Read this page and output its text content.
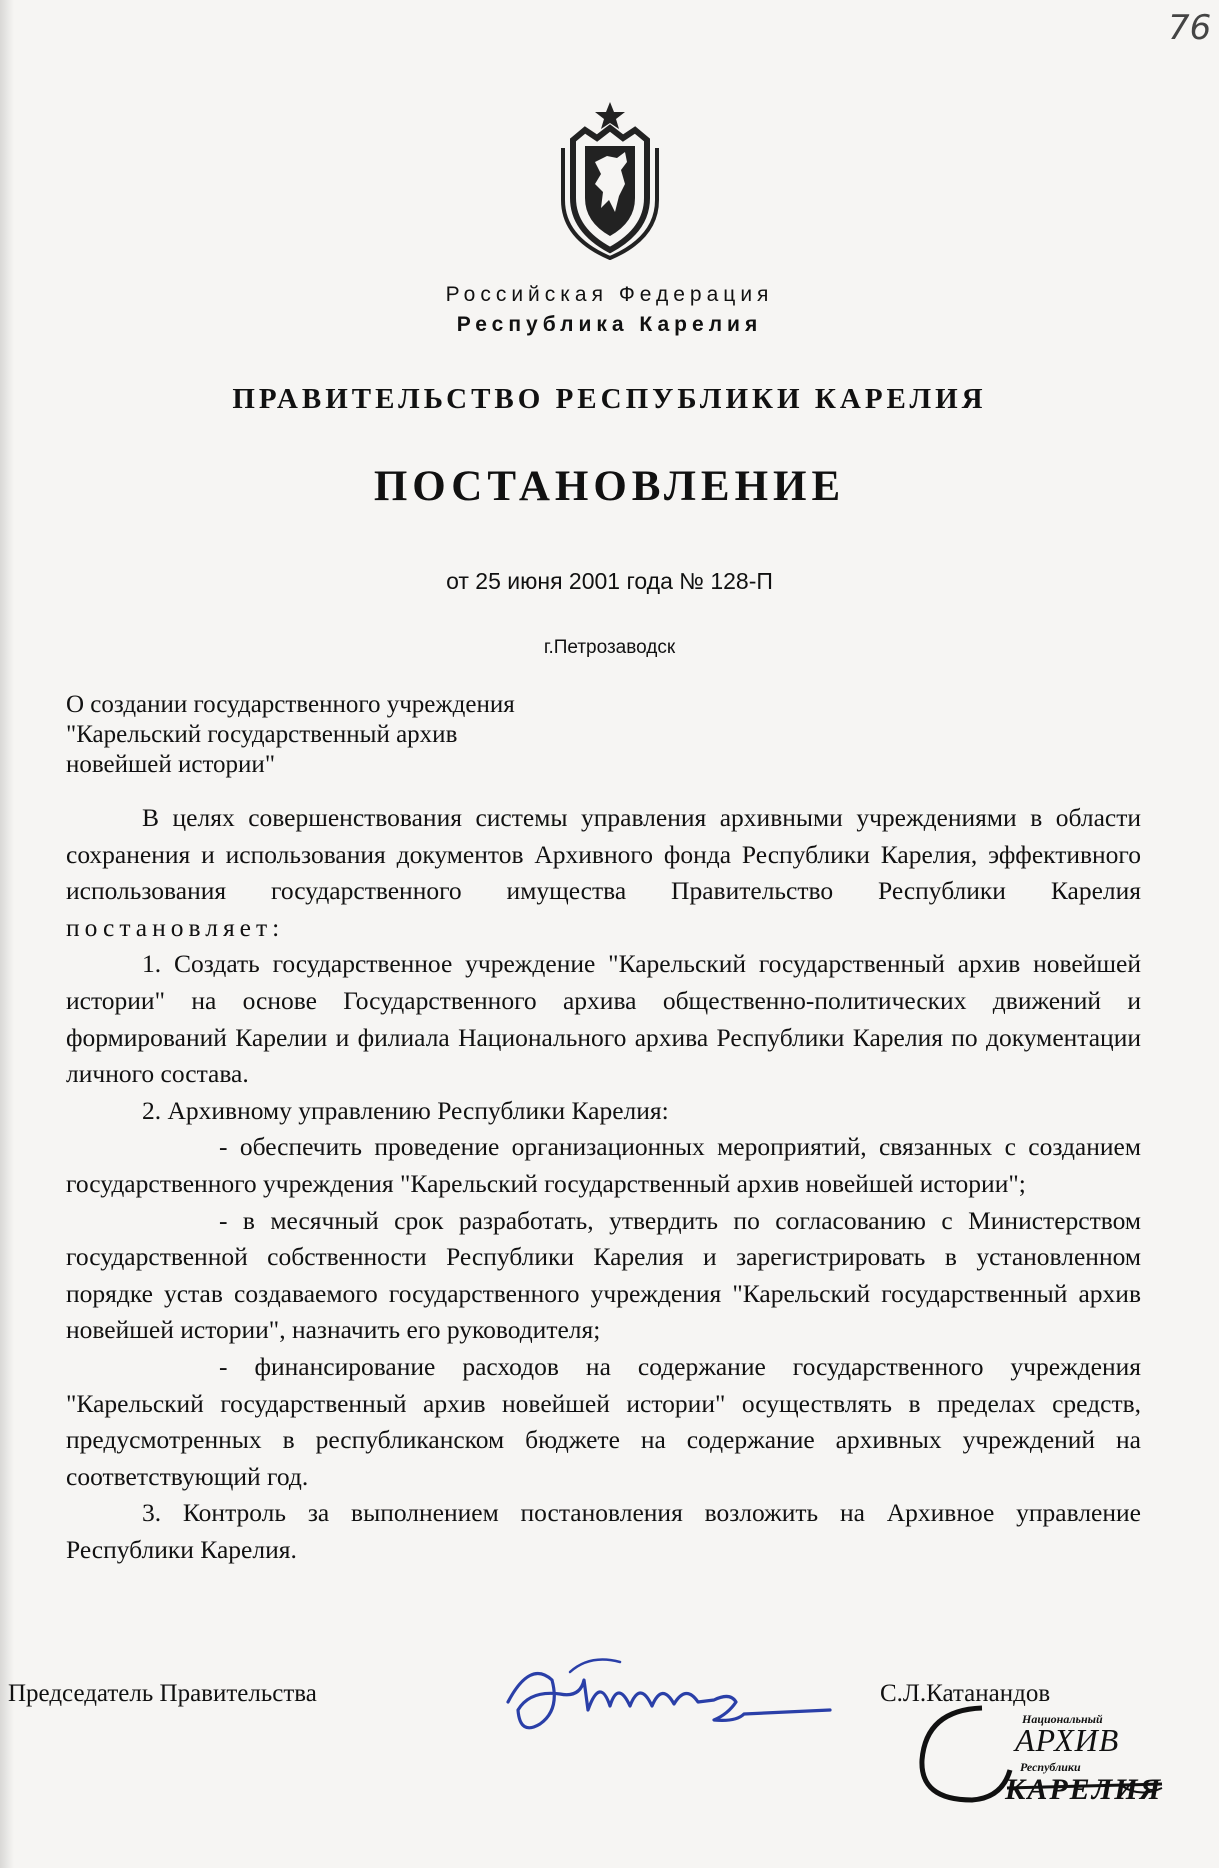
76
Российская Федерация
Республика Карелия
ПРАВИТЕЛЬСТВО РЕСПУБЛИКИ КАРЕЛИЯ
ПОСТАНОВЛЕНИЕ
от 25 июня 2001 года № 128-П
г.Петрозаводск
О создании государственного учреждения
"Карельский государственный архив
новейшей истории"
В целях совершенствования системы управления архивными учреждениями в области сохранения и использования документов Архивного фонда Республики Карелия, эффективного использования государственного имущества Правительство Республики Карелия постановляет:
1. Создать государственное учреждение "Карельский государственный архив новейшей истории" на основе Государственного архива общественно-политических движений и формирований Карелии и филиала Национального архива Республики Карелия по документации личного состава.
2. Архивному управлению Республики Карелия:
- обеспечить проведение организационных мероприятий, связанных с созданием государственного учреждения "Карельский государственный архив новейшей истории";
- в месячный срок разработать, утвердить по согласованию с Министерством государственной собственности Республики Карелия и зарегистрировать в установленном порядке устав создаваемого государственного учреждения "Карельский государственный архив новейшей истории", назначить его руководителя;
- финансирование расходов на содержание государственного учреждения "Карельский государственный архив новейшей истории" осуществлять в пределах средств, предусмотренных в республиканском бюджете на содержание архивных учреждений на соответствующий год.
3. Контроль за выполнением постановления возложить на Архивное управление Республики Карелия.
Председатель Правительства	С.Л.Катанандов
Национальный
АРХИВ
Республики
КАРЕЛИЯ
